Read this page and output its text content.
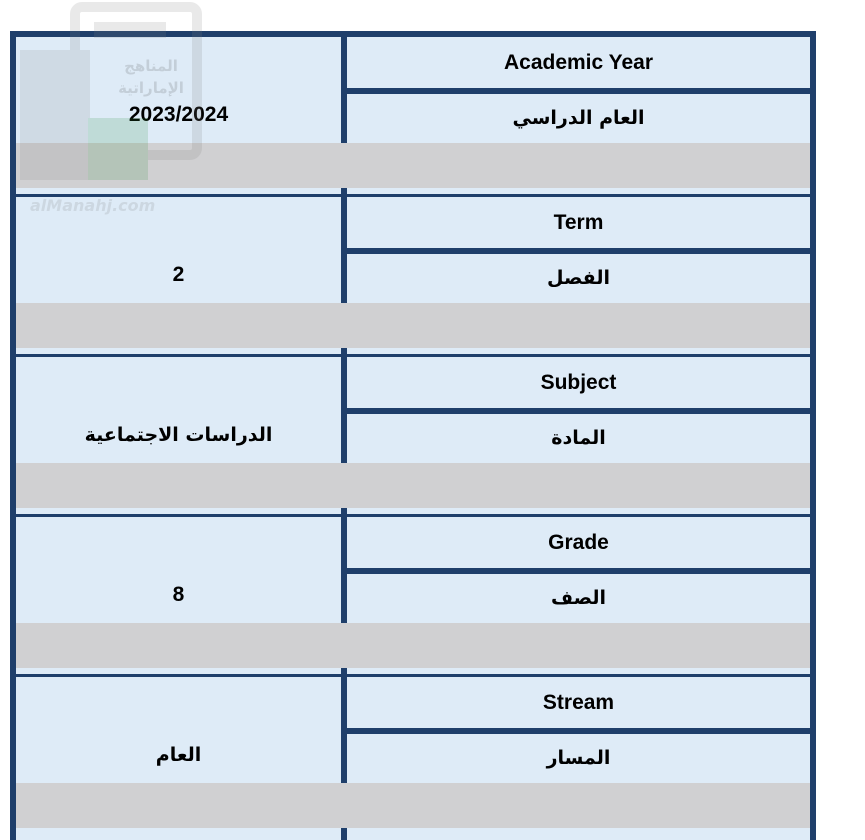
2023/2024
Academic Year
العام الدراسي
2
Term
الفصل
الدراسات الاجتماعية
Subject
المادة
8
Grade
الصف
العام
Stream
المسار
